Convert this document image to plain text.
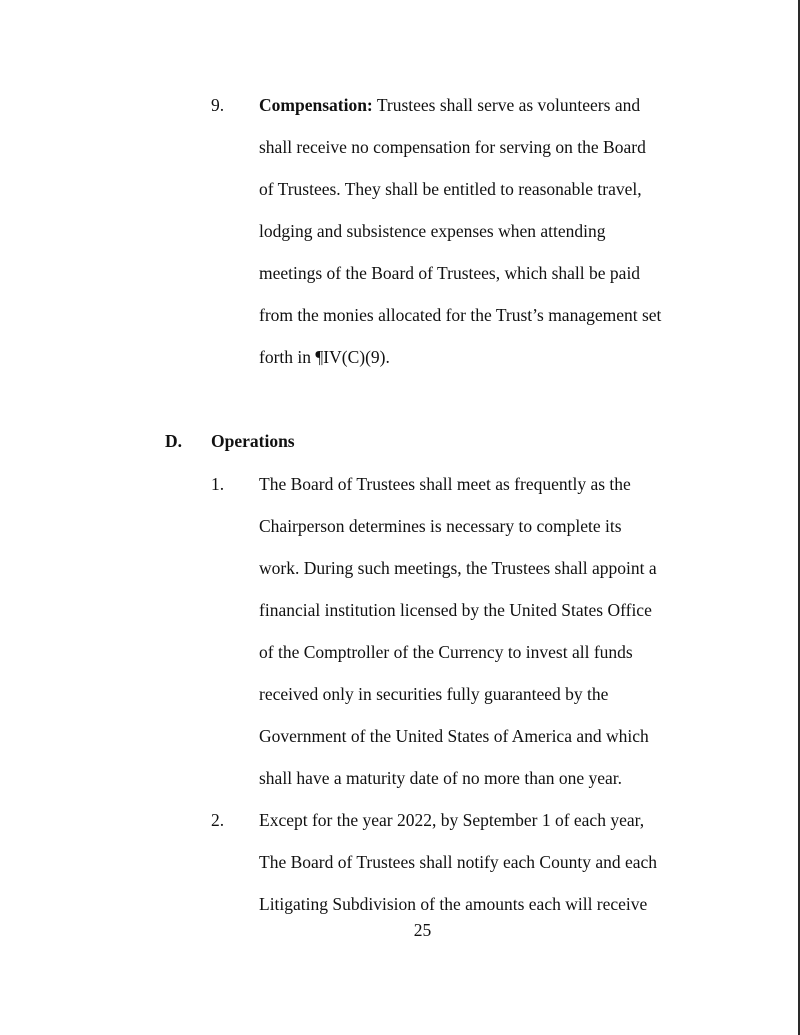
9. Compensation: Trustees shall serve as volunteers and
shall receive no compensation for serving on the Board
of Trustees. They shall be entitled to reasonable travel,
lodging and subsistence expenses when attending
meetings of the Board of Trustees, which shall be paid
from the monies allocated for the Trust’s management set
forth in ¶IV(C)(9).
D. Operations
1. The Board of Trustees shall meet as frequently as the
Chairperson determines is necessary to complete its
work. During such meetings, the Trustees shall appoint a
financial institution licensed by the United States Office
of the Comptroller of the Currency to invest all funds
received only in securities fully guaranteed by the
Government of the United States of America and which
shall have a maturity date of no more than one year.
2. Except for the year 2022, by September 1 of each year,
The Board of Trustees shall notify each County and each
Litigating Subdivision of the amounts each will receive
25
